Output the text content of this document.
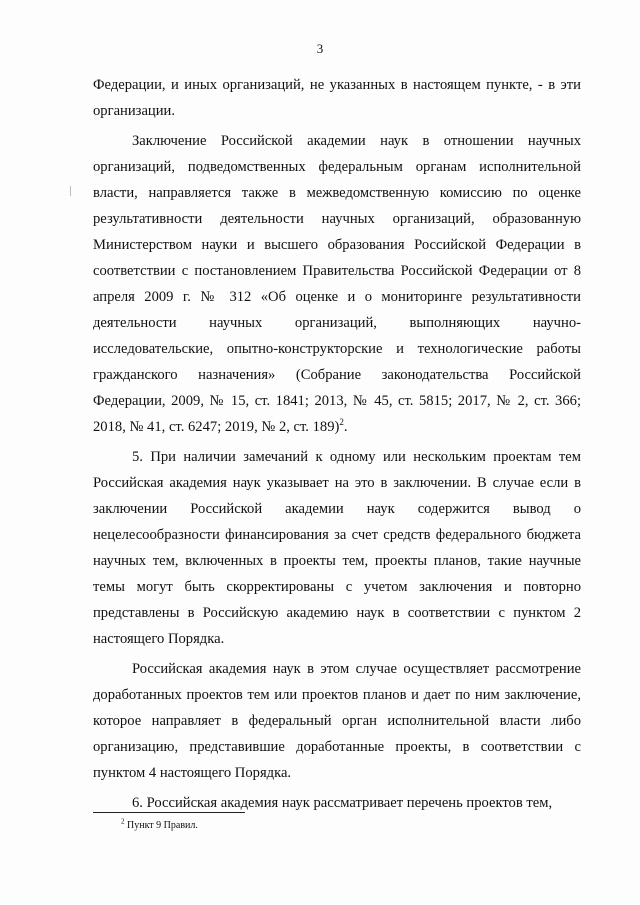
3

Федерации, и иных организаций, не указанных в настоящем пункте, - в эти организации.

Заключение Российской академии наук в отношении научных организаций, подведомственных федеральным органам исполнительной власти, направляется также в межведомственную комиссию по оценке результативности деятельности научных организаций, образованную Министерством науки и высшего образования Российской Федерации в соответствии с постановлением Правительства Российской Федерации от 8 апреля 2009 г. № 312 «Об оценке и о мониторинге результативности деятельности научных организаций, выполняющих научно-исследовательские, опытно-конструкторские и технологические работы гражданского назначения» (Собрание законодательства Российской Федерации, 2009, № 15, ст. 1841; 2013, № 45, ст. 5815; 2017, № 2, ст. 366; 2018, № 41, ст. 6247; 2019, № 2, ст. 189)$^2$.

5. При наличии замечаний к одному или нескольким проектам тем Российская академия наук указывает на это в заключении. В случае если в заключении Российской академии наук содержится вывод о нецелесообразности финансирования за счет средств федерального бюджета научных тем, включенных в проекты тем, проекты планов, такие научные темы могут быть скорректированы с учетом заключения и повторно представлены в Российскую академию наук в соответствии с пунктом 2 настоящего Порядка.

Российская академия наук в этом случае осуществляет рассмотрение доработанных проектов тем или проектов планов и дает по ним заключение, которое направляет в федеральный орган исполнительной власти либо организацию, представившие доработанные проекты, в соответствии с пунктом 4 настоящего Порядка.

6. Российская академия наук рассматривает перечень проектов тем,

$^2$ Пункт 9 Правил.
